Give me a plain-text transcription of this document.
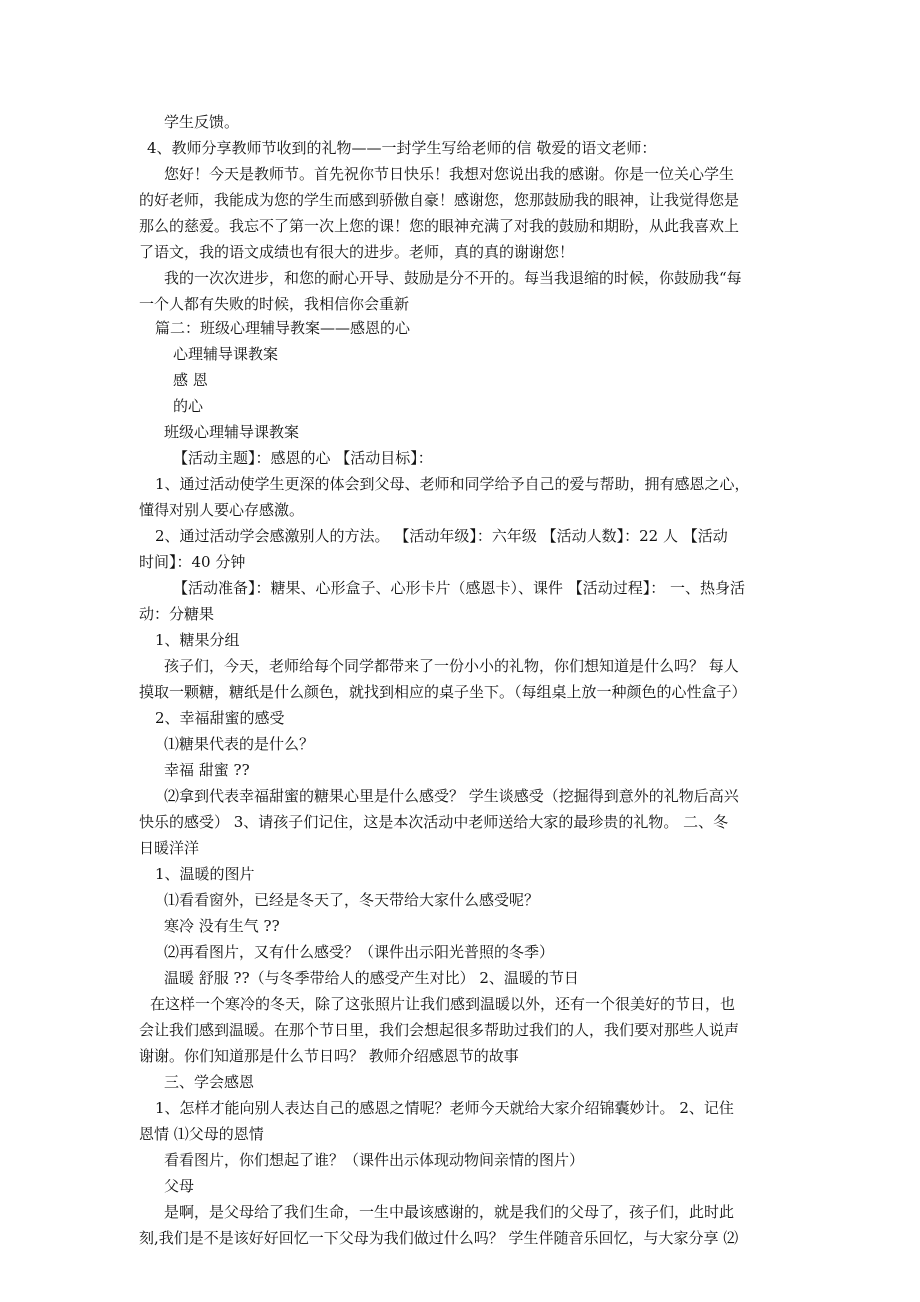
学生反馈。
4、教师分享教师节收到的礼物——一封学生写给老师的信 敬爱的语文老师：
您好！今天是教师节。首先祝你节日快乐！我想对您说出我的感谢。你是一位关心学生
的好老师，我能成为您的学生而感到骄傲自豪！感谢您，您那鼓励我的眼神，让我觉得您是
那么的慈爱。我忘不了第一次上您的课！您的眼神充满了对我的鼓励和期盼，从此我喜欢上
了语文，我的语文成绩也有很大的进步。老师，真的真的谢谢您！
我的一次次进步，和您的耐心开导、鼓励是分不开的。每当我退缩的时候，你鼓励我“每
一个人都有失败的时候，我相信你会重新
篇二：班级心理辅导教案——感恩的心
心理辅导课教案
感 恩
的心
班级心理辅导课教案
【活动主题】：感恩的心 【活动目标】：
1、通过活动使学生更深的体会到父母、老师和同学给予自己的爱与帮助，拥有感恩之心，
懂得对别人要心存感激。
2、通过活动学会感激别人的方法。 【活动年级】：六年级 【活动人数】：22 人 【活动
时间】：40 分钟
【活动准备】：糖果、心形盒子、心形卡片（感恩卡）、课件 【活动过程】： 一、热身活
动：分糖果
1、糖果分组
孩子们，今天，老师给每个同学都带来了一份小小的礼物，你们想知道是什么吗？ 每人
摸取一颗糖，糖纸是什么颜色，就找到相应的桌子坐下。（每组桌上放一种颜色的心性盒子）
2、幸福甜蜜的感受
⑴糖果代表的是什么？
幸福 甜蜜 ??
⑵拿到代表幸福甜蜜的糖果心里是什么感受？ 学生谈感受（挖掘得到意外的礼物后高兴
快乐的感受） 3、请孩子们记住，这是本次活动中老师送给大家的最珍贵的礼物。 二、冬
日暖洋洋
1、温暖的图片
⑴看看窗外，已经是冬天了，冬天带给大家什么感受呢？
寒冷 没有生气 ??
⑵再看图片，又有什么感受？（课件出示阳光普照的冬季）
温暖 舒服 ??（与冬季带给人的感受产生对比） 2、温暖的节日
在这样一个寒冷的冬天，除了这张照片让我们感到温暖以外，还有一个很美好的节日，也
会让我们感到温暖。在那个节日里，我们会想起很多帮助过我们的人，我们要对那些人说声
谢谢。你们知道那是什么节日吗？ 教师介绍感恩节的故事
三、学会感恩
1、怎样才能向别人表达自己的感恩之情呢？老师今天就给大家介绍锦囊妙计。 2、记住
恩情 ⑴父母的恩情
看看图片，你们想起了谁？（课件出示体现动物间亲情的图片）
父母
是啊，是父母给了我们生命，一生中最该感谢的，就是我们的父母了，孩子们，此时此
刻,我们是不是该好好回忆一下父母为我们做过什么吗？ 学生伴随音乐回忆，与大家分享 ⑵
